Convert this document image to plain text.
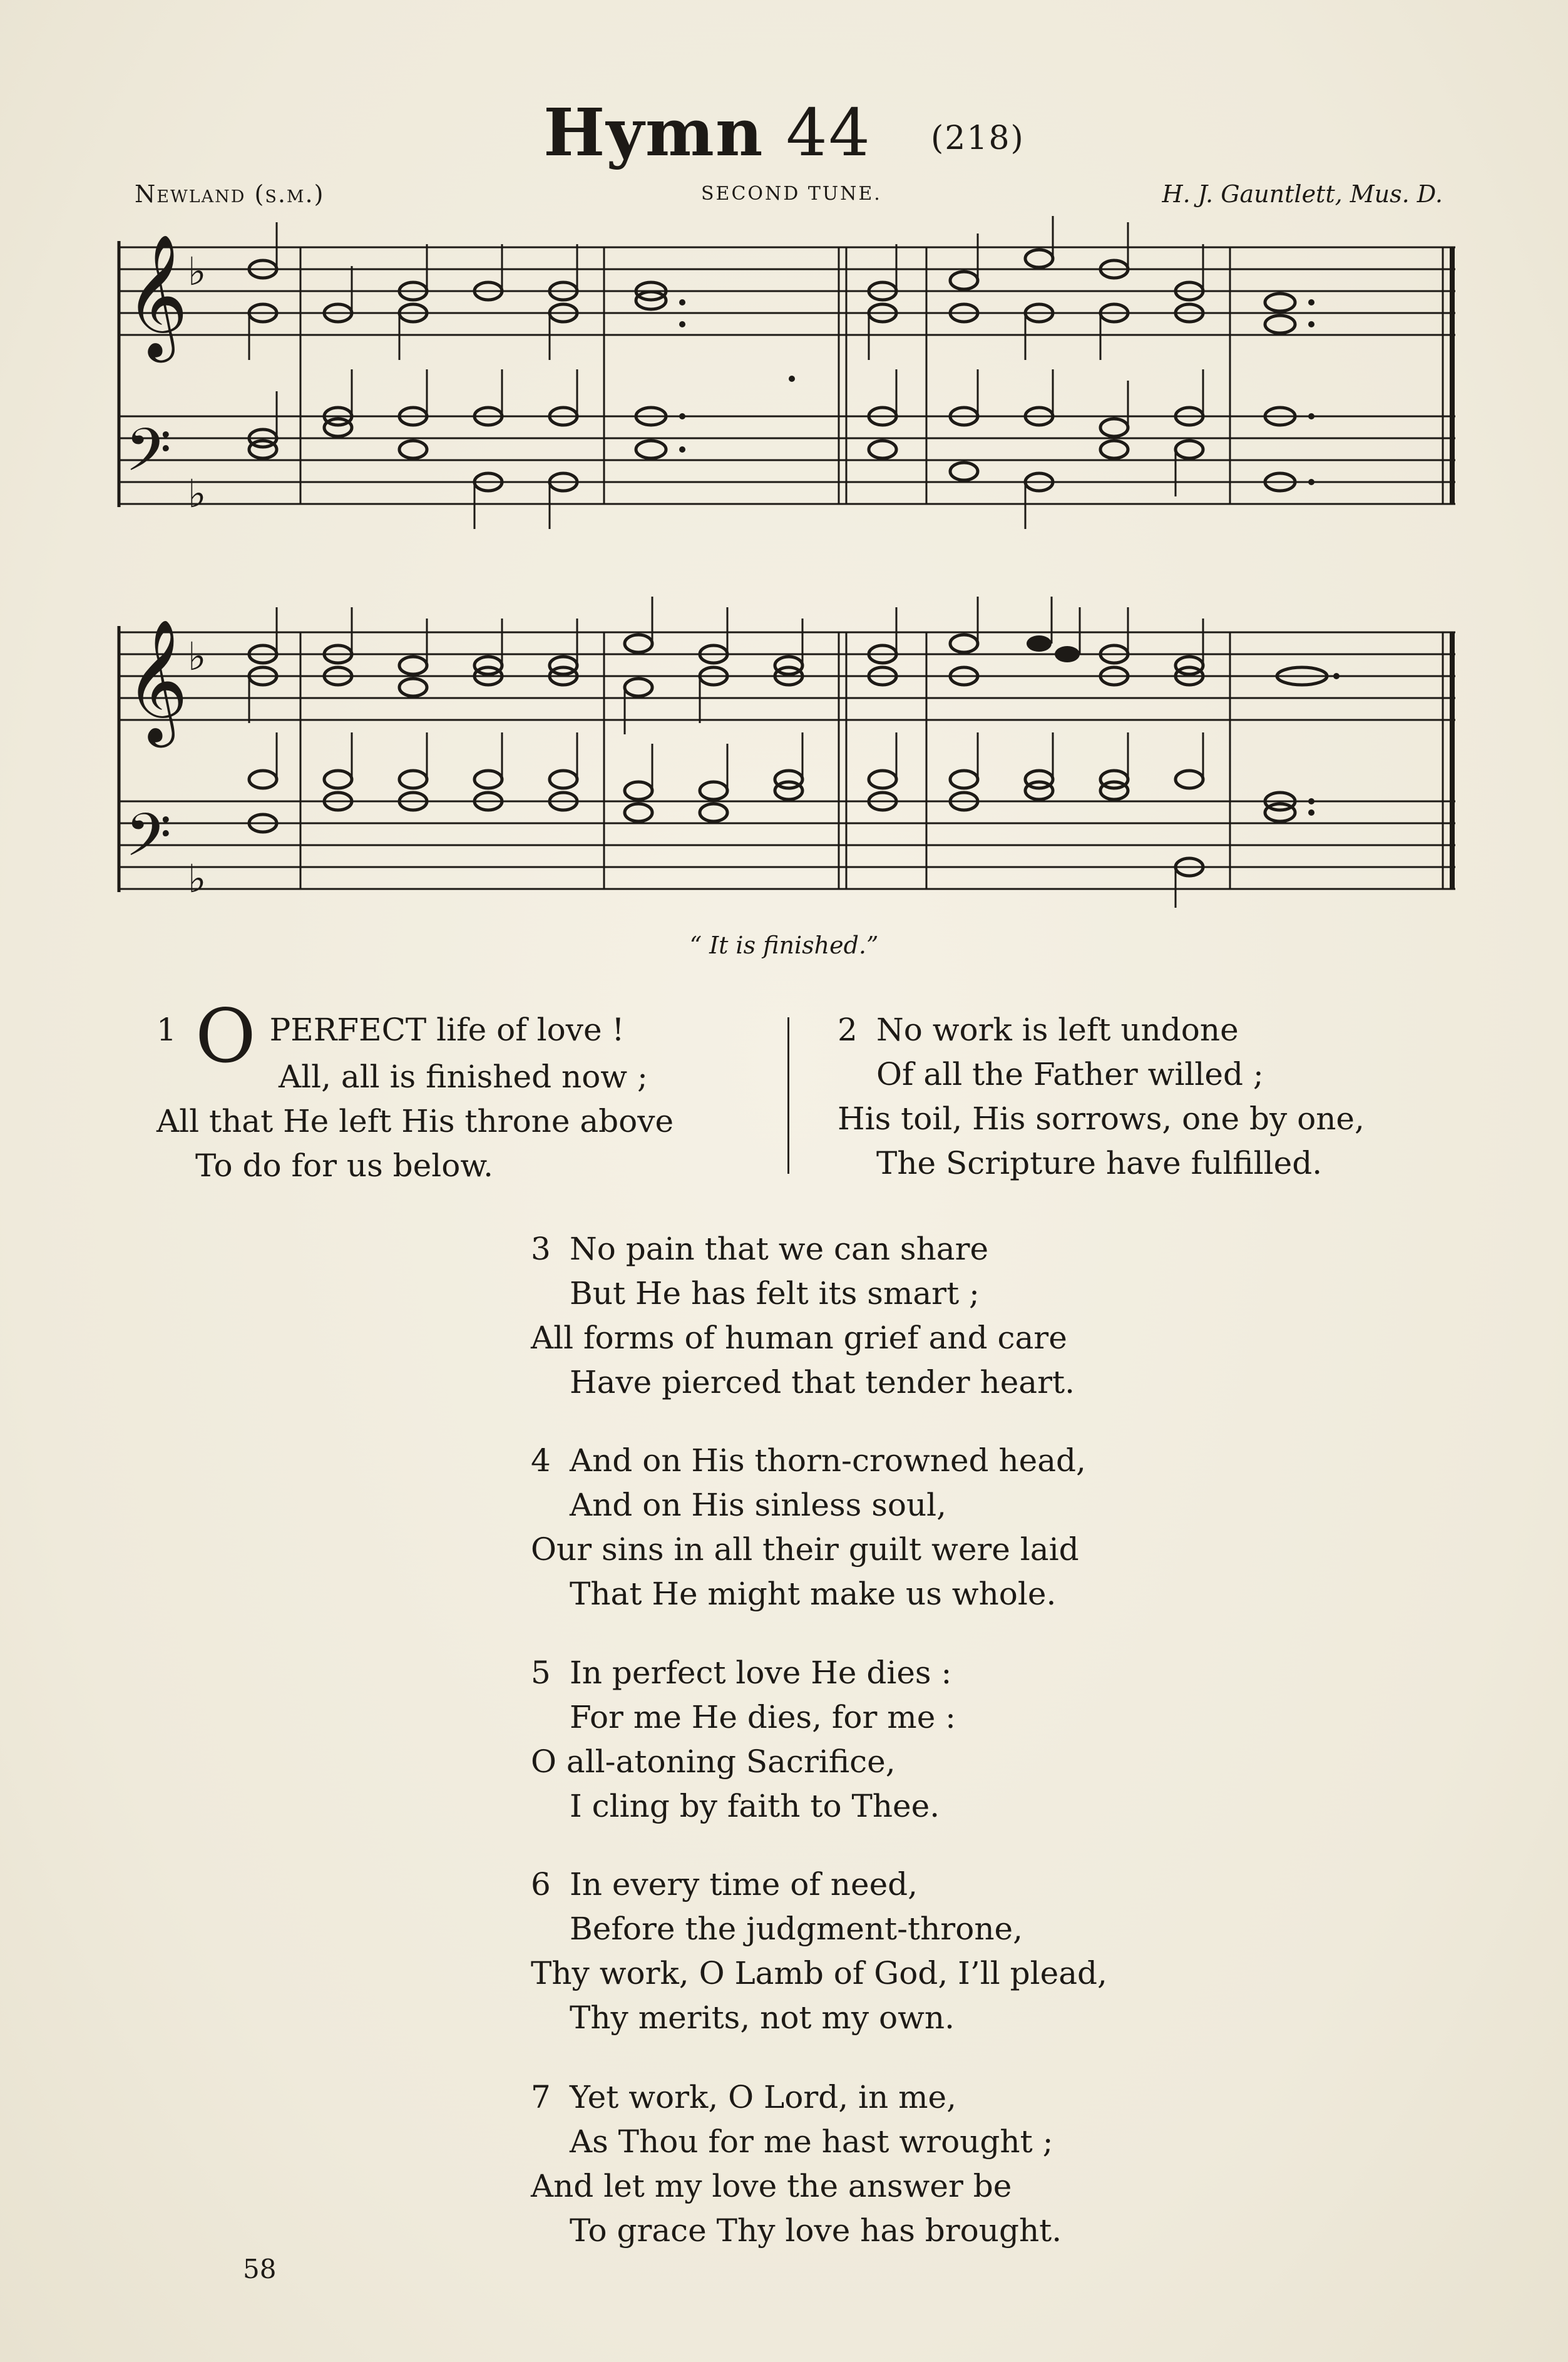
Hymn 44 (218)
Newland (s.m.)	SECOND TUNE.	H. J. Gauntlett, Mus. D.
𝄞 ♭
𝄢 ♭
𝄞 ♭
𝄢 ♭
“ It is finished.”
1 O PERFECT life of love !
All, all is finished now ;
All that He left His throne above
To do for us below.
2 No work is left undone
Of all the Father willed ;
His toil, His sorrows, one by one,
The Scripture have fulfilled.
3 No pain that we can share
But He has felt its smart ;
All forms of human grief and care
Have pierced that tender heart.
4 And on His thorn-crowned head,
And on His sinless soul,
Our sins in all their guilt were laid
That He might make us whole.
5 In perfect love He dies :
For me He dies, for me :
O all-atoning Sacrifice,
I cling by faith to Thee.
6 In every time of need,
Before the judgment-throne,
Thy work, O Lamb of God, I’ll plead,
Thy merits, not my own.
7 Yet work, O Lord, in me,
As Thou for me hast wrought ;
And let my love the answer be
To grace Thy love has brought.
58
